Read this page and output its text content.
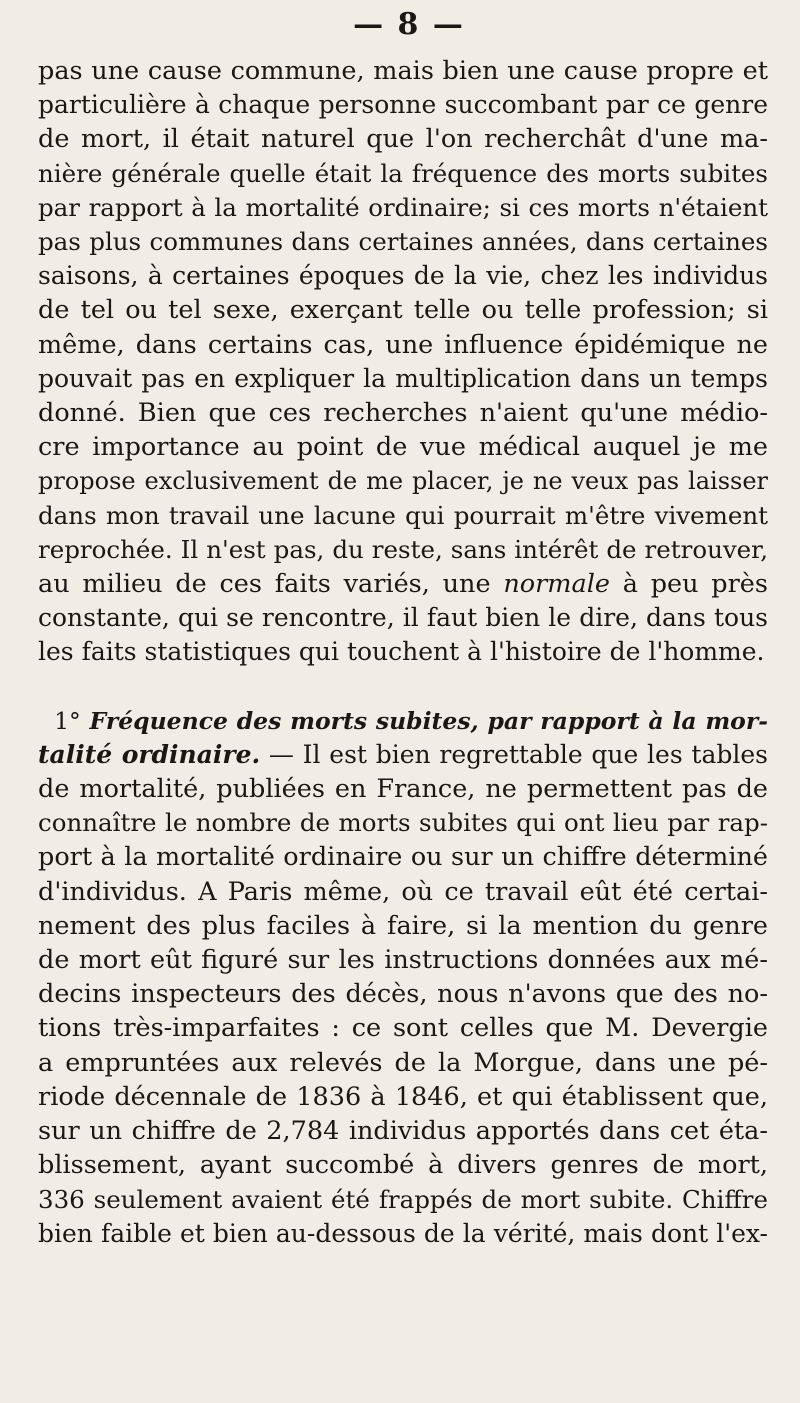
— 8 —

pas une cause commune, mais bien une cause propre et
particulière à chaque personne succombant par ce genre
de mort, il était naturel que l'on recherchât d'une ma-
nière générale quelle était la fréquence des morts subites
par rapport à la mortalité ordinaire; si ces morts n'étaient
pas plus communes dans certaines années, dans certaines
saisons, à certaines époques de la vie, chez les individus
de tel ou tel sexe, exerçant telle ou telle profession; si
même, dans certains cas, une influence épidémique ne
pouvait pas en expliquer la multiplication dans un temps
donné. Bien que ces recherches n'aient qu'une médio-
cre importance au point de vue médical auquel je me
propose exclusivement de me placer, je ne veux pas laisser
dans mon travail une lacune qui pourrait m'être vivement
reprochée. Il n'est pas, du reste, sans intérêt de retrouver,
au milieu de ces faits variés, une normale à peu près
constante, qui se rencontre, il faut bien le dire, dans tous
les faits statistiques qui touchent à l'histoire de l'homme.

1° Fréquence des morts subites, par rapport à la mor-
talité ordinaire. — Il est bien regrettable que les tables
de mortalité, publiées en France, ne permettent pas de
connaître le nombre de morts subites qui ont lieu par rap-
port à la mortalité ordinaire ou sur un chiffre déterminé
d'individus. A Paris même, où ce travail eût été certai-
nement des plus faciles à faire, si la mention du genre
de mort eût figuré sur les instructions données aux mé-
decins inspecteurs des décès, nous n'avons que des no-
tions très-imparfaites : ce sont celles que M. Devergie
a empruntées aux relevés de la Morgue, dans une pé-
riode décennale de 1836 à 1846, et qui établissent que,
sur un chiffre de 2,784 individus apportés dans cet éta-
blissement, ayant succombé à divers genres de mort,
336 seulement avaient été frappés de mort subite. Chiffre
bien faible et bien au-dessous de la vérité, mais dont l'ex-
